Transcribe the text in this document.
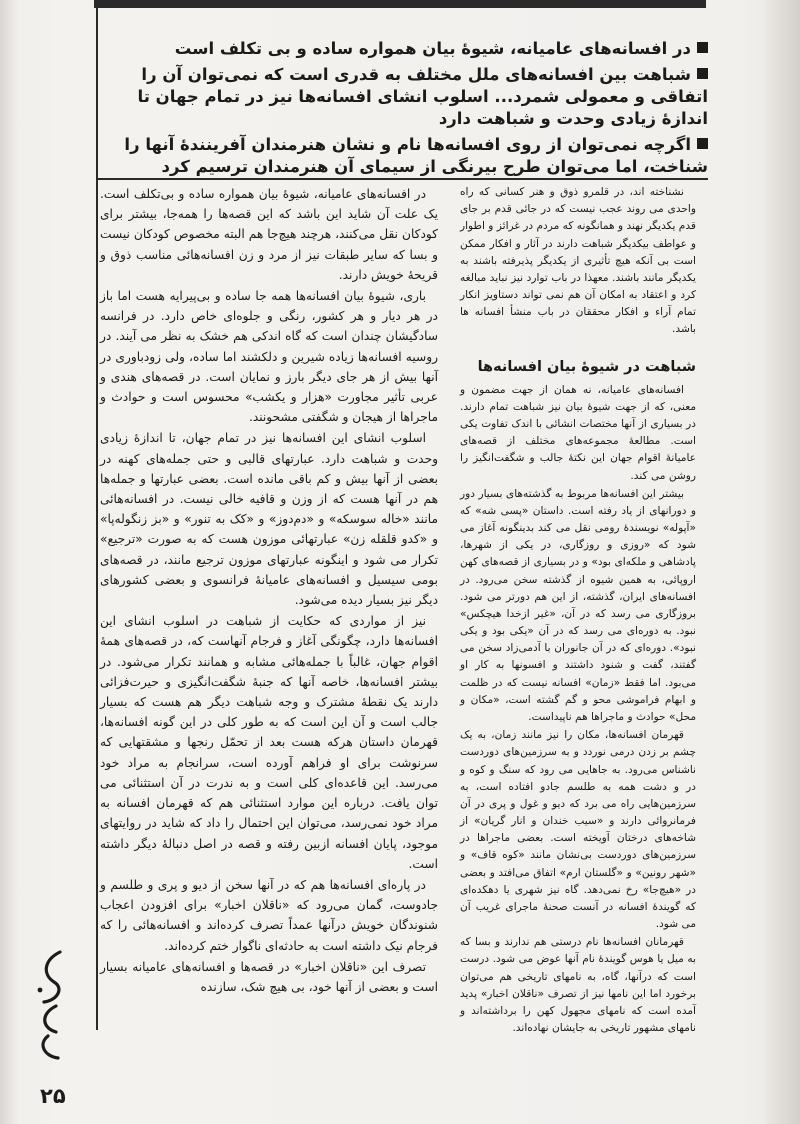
در افسانه‌های عامیانه، شیوهٔ بیان همواره ساده و بی تکلف است

شباهت بین افسانه‌های ملل مختلف به قدری است که نمی‌توان آن را اتفاقی و معمولی شمرد... اسلوب انشای افسانه‌ها نیز در تمام جهان تا اندازهٔ زیادی وحدت و شباهت دارد

اگرچه نمی‌توان از روی افسانه‌ها نام و نشان هنرمندان آفرینندهٔ آنها را شناخت، اما می‌توان طرح بیرنگی از سیمای آن هنرمندان ترسیم کرد

نشناخته اند، در قلمرو ذوق و هنر کسانی که راه واحدی می روند عجب نیست که در جائی قدم بر جای قدم یکدیگر نهند و همانگونه که مردم در غرائز و اطوار و عواطف بیکدیگر شباهت دارند در آثار و افکار ممکن است بی آنکه هیچ تأثیری از یکدیگر پذیرفته باشند به یکدیگر مانند باشند. معهذا در باب توارد نیز نباید مبالغه کرد و اعتقاد به امکان آن هم نمی تواند دستاویز انکار تمام آراء و افکار محققان در باب منشأ افسانه ها باشد.

شباهت در شیوهٔ بیان افسانه‌ها

افسانه‌های عامیانه، نه همان از جهت مضمون و معنی، که از جهت شیوهٔ بیان نیز شباهت تمام دارند. در بسیاری از آنها مختصات انشائی با اندک تفاوت یکی است. مطالعهٔ مجموعه‌های مختلف از قصه‌های عامیانهٔ اقوام جهان این نکتهٔ جالب و شگفت‌انگیز را روشن می کند.

بیشتر این افسانه‌ها مربوط به گذشته‌های بسیار دور و دورانهای از یاد رفته است. داستان «پسی شه» که «آپوله» نویسندهٔ رومی نقل می کند بدینگونه آغاز می شود که «روزی و روزگاری، در یکی از شهرها، پادشاهی و ملکه‌ای بود» و در بسیاری از قصه‌های کهن اروپائی، به همین شیوه از گذشته سخن می‌رود. در افسانه‌های ایران، گذشته، از این هم دورتر می شود. بروزگاری می رسد که در آن، «غیر ازخدا هیچکس» نبود. به دوره‌ای می رسد که در آن «یکی بود و یکی نبود». دوره‌ای که در آن جانوران با آدمی‌زاد سخن می گفتند، گفت و شنود داشتند و افسونها به کار او می‌بود. اما فقط «زمان» افسانه نیست که در ظلمت و ابهام فراموشی محو و گم گشته است، «مکان و محل» حوادث و ماجراها هم ناپیداست.

قهرمان افسانه‌ها، مکان را نیز مانند زمان، به یک چشم بر زدن درمی نوردد و به سرزمین‌های دوردست ناشناس می‌رود. به جاهایی می رود که سنگ و کوه و در و دشت همه به طلسم جادو افتاده است، به سرزمین‌هایی راه می برد که دیو و غول و پری در آن فرمانروائی دارند و «سیب خندان و انار گریان» از شاخه‌های درختان آویخته است. بعضی ماجراها در سرزمین‌های دوردست بی‌نشان مانند «کوه قاف» و «شهر رونین» و «گلستان ارم» اتفاق می‌افتد و بعضی در «هیچ‌جا» رخ نمی‌دهد. گاه نیز شهری یا دهکده‌ای که گویندهٔ افسانه در آنست صحنهٔ ماجرای غریب آن می شود.

قهرمانان افسانه‌ها نام درستی هم ندارند و بسا که به میل یا هوس گویندهٔ نام آنها عوض می شود. درست است که درآنها، گاه، به نامهای تاریخی هم می‌توان برخورد اما این نامها نیز از تصرف «ناقلان اخبار» پدید آمده است که نامهای مجهول کهن را برداشته‌اند و نامهای مشهور تاریخی به جایشان نهاده‌اند.

در افسانه‌های عامیانه، شیوهٔ بیان همواره ساده و بی‌تکلف است. یک علت آن شاید این باشد که این قصه‌ها را همه‌جا، بیشتر برای کودکان نقل می‌کنند، هرچند هیچ‌جا هم البته مخصوص کودکان نیست و بسا که سایر طبقات نیز از مرد و زن افسانه‌هائی مناسب ذوق و قریحهٔ خویش دارند.

باری، شیوهٔ بیان افسانه‌ها همه جا ساده و بی‌پیرایه هست اما باز در هر دیار و هر کشور، رنگی و جلوه‌ای خاص دارد. در فرانسه سادگیشان چندان است که گاه اندکی هم خشک به نظر می آیند. در روسیه افسانه‌ها زیاده شیرین و دلکشند اما ساده، ولی زودباوری در آنها بیش از هر جای دیگر بارز و نمایان است. در قصه‌های هندی و عربی تأثیر مجاورت «هزار و یکشب» محسوس است و حوادث و ماجراها از هیجان و شگفتی مشحونند.

اسلوب انشای این افسانه‌ها نیز در تمام جهان، تا اندازهٔ زیادی وحدت و شباهت دارد. عبارتهای قالبی و حتی جمله‌های کهنه در بعضی از آنها بیش و کم باقی مانده است. بعضی عبارتها و جمله‌ها هم در آنها هست که از وزن و قافیه خالی نیست. در افسانه‌هائی مانند «خاله سوسکه» و «دم‌دوز» و «کک به تنور» و «بز زنگوله‌پا» و «کدو قلقله زن» عبارتهائی موزون هست که به صورت «ترجیع» تکرار می شود و اینگونه عبارتهای موزون ترجیع مانند، در قصه‌های بومی سیسیل و افسانه‌های عامیانهٔ فرانسوی و بعضی کشورهای دیگر نیز بسیار دیده می‌شود.

نیز از مواردی که حکایت از شباهت در اسلوب انشای این افسانه‌ها دارد، چگونگی آغاز و فرجام آنهاست که، در قصه‌های همهٔ اقوام جهان، غالباً با جمله‌هائی مشابه و همانند تکرار می‌شود. در بیشتر افسانه‌ها، خاصه آنها که جنبهٔ شگفت‌انگیزی و حیرت‌فزائی دارند یک نقطهٔ مشترک و وجه شباهت دیگر هم هست که بسیار جالب است و آن این است که به طور کلی در این گونه افسانه‌ها، قهرمان داستان هرکه هست بعد از تحمّل رنجها و مشقتهایی که سرنوشت برای او فراهم آورده است، سرانجام به مراد خود می‌رسد. این قاعده‌ای کلی است و به ندرت در آن استثنائی می توان یافت. درباره این موارد استثنائی هم که قهرمان افسانه به مراد خود نمی‌رسد، می‌توان این احتمال را داد که شاید در روایتهای موجود، پایان افسانه ازبین رفته و قصه در اصل دنبالهٔ دیگر داشته است.

در پاره‌ای افسانه‌ها هم که در آنها سخن از دیو و پری و طلسم و جادوست، گمان می‌رود که «ناقلان اخبار» برای افزودن اعجاب شنوندگان خویش درآنها عمداً تصرف کرده‌اند و افسانه‌هائی را که فرجام نیک داشته است به حادثه‌ای ناگوار ختم کرده‌اند.

تصرف این «ناقلان اخبار» در قصه‌ها و افسانه‌های عامیانه بسیار است و بعضی از آنها خود، بی هیچ شک، سازنده

۲۵
